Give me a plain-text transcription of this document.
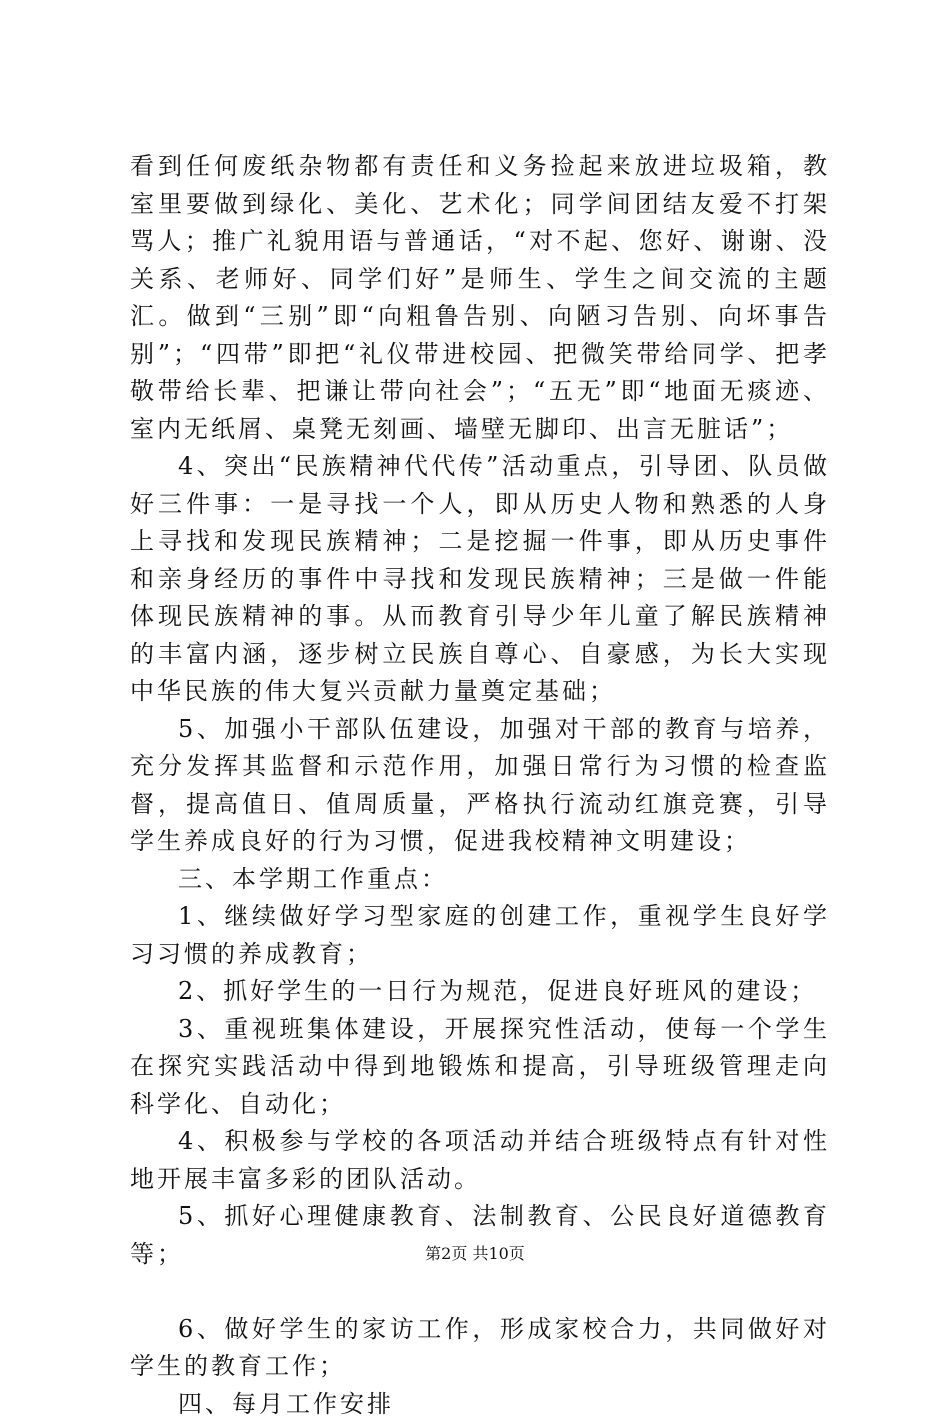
看到任何废纸杂物都有责任和义务捡起来放进垃圾箱，教室里要做到绿化、美化、艺术化；同学间团结友爱不打架骂人；推广礼貌用语与普通话，“对不起、您好、谢谢、没关系、老师好、同学们好”是师生、学生之间交流的主题汇。做到“三别”即“向粗鲁告别、向陋习告别、向坏事告别”；“四带”即把“礼仪带进校园、把微笑带给同学、把孝敬带给长辈、把谦让带向社会”；“五无”即“地面无痰迹、室内无纸屑、桌凳无刻画、墙壁无脚印、出言无脏话”；

4、突出“民族精神代代传”活动重点，引导团、队员做好三件事：一是寻找一个人，即从历史人物和熟悉的人身上寻找和发现民族精神；二是挖掘一件事，即从历史事件和亲身经历的事件中寻找和发现民族精神；三是做一件能体现民族精神的事。从而教育引导少年儿童了解民族精神的丰富内涵，逐步树立民族自尊心、自豪感，为长大实现中华民族的伟大复兴贡献力量奠定基础；

5、加强小干部队伍建设，加强对干部的教育与培养，充分发挥其监督和示范作用，加强日常行为习惯的检查监督，提高值日、值周质量，严格执行流动红旗竞赛，引导学生养成良好的行为习惯，促进我校精神文明建设；

三、本学期工作重点：

1、继续做好学习型家庭的创建工作，重视学生良好学习习惯的养成教育；

2、抓好学生的一日行为规范，促进良好班风的建设；

3、重视班集体建设，开展探究性活动，使每一个学生在探究实践活动中得到地锻炼和提高，引导班级管理走向科学化、自动化；

4、积极参与学校的各项活动并结合班级特点有针对性地开展丰富多彩的团队活动。

5、抓好心理健康教育、法制教育、公民良好道德教育等；

6、做好学生的家访工作，形成家校合力，共同做好对学生的教育工作；

四、每月工作安排

第2页 共10页
